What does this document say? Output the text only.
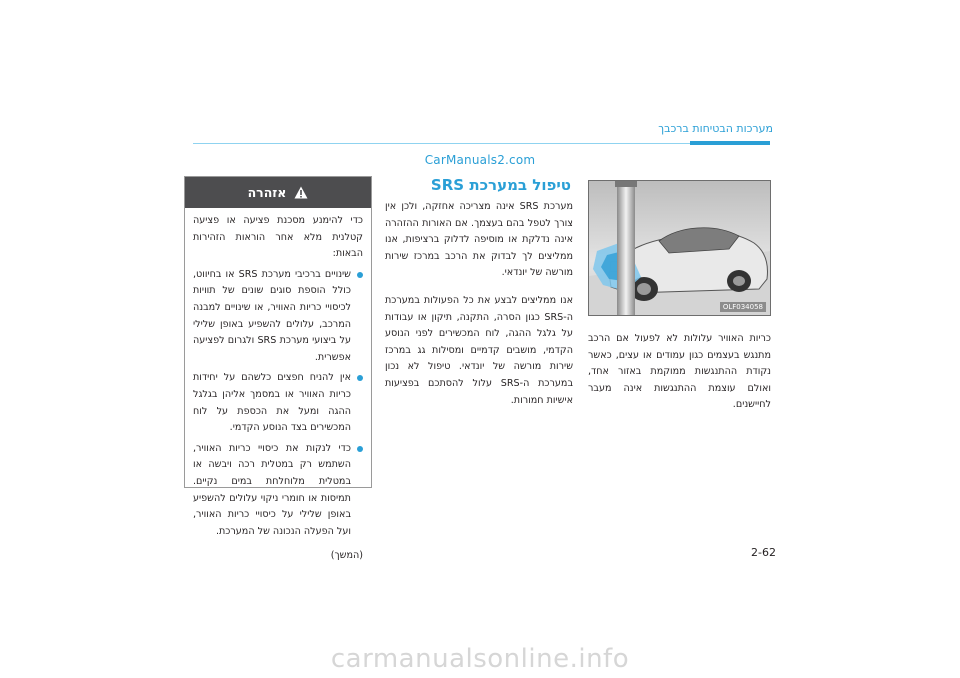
מערכות הבטיחות ברכבך
CarManuals2.com
טיפול במערכת SRS

מערכת SRS אינה מצריכה אחזקה, ולכן אין צורך לטפל בהם בעצמך. אם האורות ההזהרה אינה נדלקת או מוסיפה לדלוק ברציפות, אנו ממליצים לך לבדוק את הרכב במרכז שירות מורשה של יונדאי.

אנו ממליצים לבצע את כל הפעולות במערכת ה-SRS כגון הסרה, התקנה, תיקון או עבודות על גלגל ההגה, לוח המכשירים לפני הנוסע הקדמי, מושבים קדמיים ומסילות גג במרכז שירות מורשה של יונדאי. טיפול לא נכון במערכת ה-SRS עלול להסתכם בפציעות אישיות חמורות.

OLF034058
כריות האוויר עלולות לא לפעול אם הרכב מתנגש בעצמים כגון עמודים או עצים, כאשר נקודת ההתנגשות ממוקמת באזור אחד, ואולם עוצמת ההתנגשות אינה מעבר לחיישנים.
אזהרה

כדי להימנע מסכנת פציעה או פציעה קטלנית מלא אחר הוראות הזהירות הבאות:

שינויים ברכיבי מערכת SRS או בחיווט, כולל הוספת סוגים שונים של תוויות לכיסויי כריות האוויר, או שינויים למבנה המרכב, עלולים להשפיע באופן שלילי על ביצועי מערכת SRS ולגרום לפציעה אפשרית.
אין להניח חפצים כלשהם על יחידות כריות האוויר או במסמך אליהן בגלגל ההגה ומעל את הכספת על לוח המכשירים בצד הנוסע הקדמי.
כדי לנקות את כיסויי כריות האוויר, השתמש רק במטלית רכה ויבשה או במטלית מלוחלחת במים נקיים. תמיסות או חומרי ניקוי עלולים להשפיע באופן שלילי על כיסויי כריות האוויר, ועל הפעלה הנכונה של המערכת.
(המשך)	2-62
carmanualsonline.info
